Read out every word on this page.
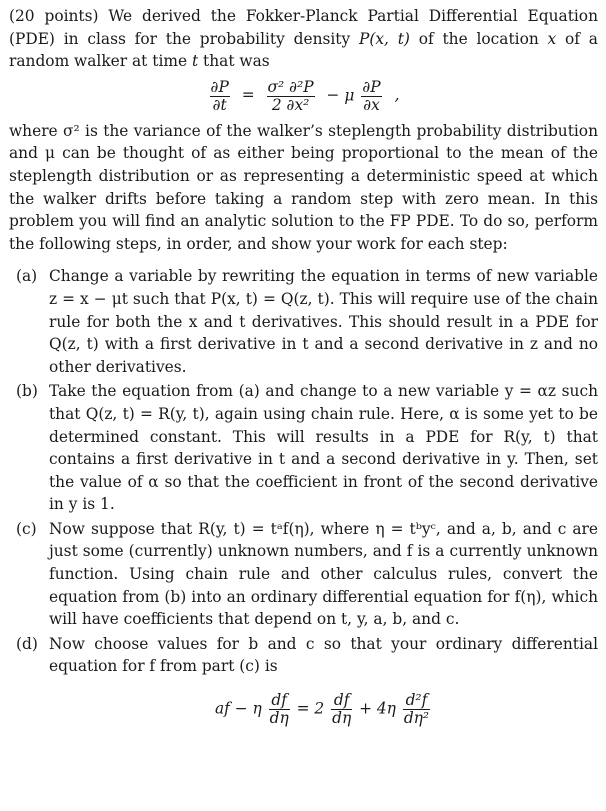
(20 points) We derived the Fokker-Planck Partial Differential Equation (PDE) in class for the probability density P(x, t) of the location x of a random walker at time t that was

$\frac{\partial P}{\partial t} = \frac{\text{σ² ∂²P}}{\text{2 ∂x²}} - \mu \frac{\partial P}{\partial x}$ ,

where σ² is the variance of the walker’s steplength probability distribution and μ can be thought of as either being proportional to the mean of the steplength distribution or as representing a deterministic speed at which the walker drifts before taking a random step with zero mean. In this problem you will find an analytic solution to the FP PDE. To do so, perform the following steps, in order, and show your work for each step:

(a) Change a variable by rewriting the equation in terms of new variable z = x − μt such that P(x, t) = Q(z, t). This will require use of the chain rule for both the x and t derivatives. This should result in a PDE for Q(z, t) with a first derivative in t and a second derivative in z and no other derivatives.

(b) Take the equation from (a) and change to a new variable y = αz such that Q(z, t) = R(y, t), again using chain rule. Here, α is some yet to be determined constant. This will results in a PDE for R(y, t) that contains a first derivative in t and a second derivative in y. Then, set the value of α so that the coefficient in front of the second derivative in y is 1.

(c) Now suppose that R(y, t) = tᵃf(η), where η = tᵇyᶜ, and a, b, and c are just some (currently) unknown numbers, and f is a currently unknown function. Using chain rule and other calculus rules, convert the equation from (b) into an ordinary differential equation for f(η), which will have coefficients that depend on t, y, a, b, and c.

(d) Now choose values for b and c so that your ordinary differential equation for f from part (c) is

af − η $\frac{df}{d\eta} = 2 \frac{df}{d\eta} + 4\eta \frac{\text{d²f}}{\text{dη²}}$
